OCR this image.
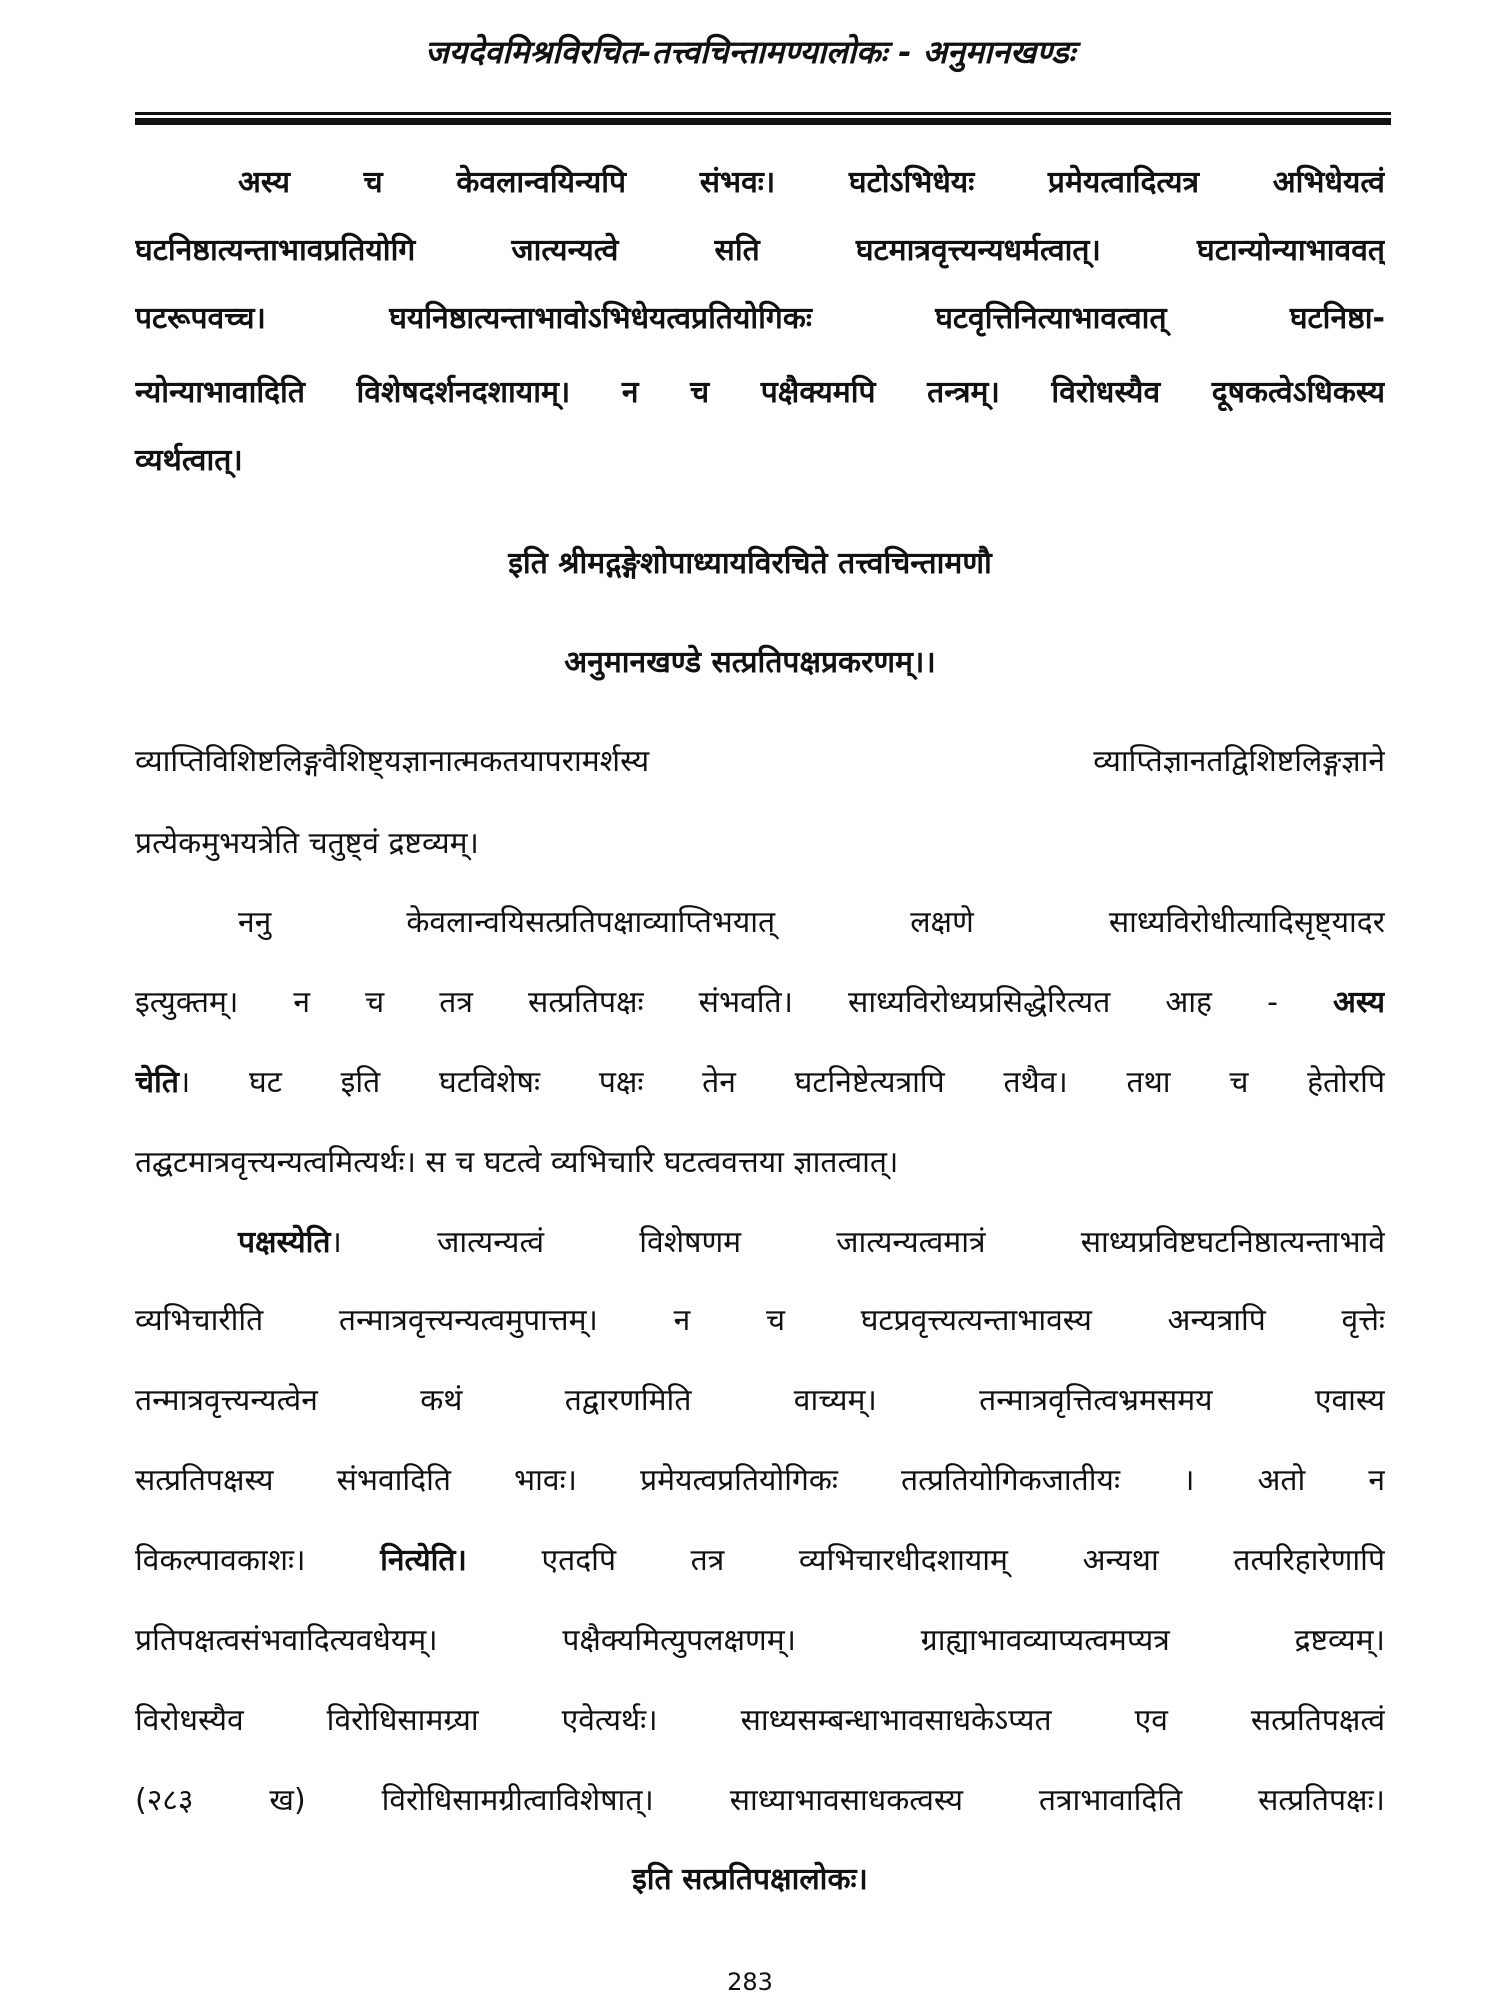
जयदेवमिश्रविरचित-तत्त्वचिन्तामण्यालोकः - अनुमानखण्डः
अस्य च केवलान्वयिन्यपि संभवः। घटोऽभिधेयः प्रमेयत्वादित्यत्र अभिधेयत्वं
घटनिष्ठात्यन्ताभावप्रतियोगि जात्यन्यत्वे सति घटमात्रवृत्त्यन्यधर्मत्वात्। घटान्योन्याभाववत्
पटरूपवच्च। घयनिष्ठात्यन्ताभावोऽभिधेयत्वप्रतियोगिकः घटवृत्तिनित्याभावत्वात् घटनिष्ठा-
न्योन्याभावादिति विशेषदर्शनदशायाम्। न च पक्षैक्यमपि तन्त्रम्। विरोधस्यैव दूषकत्वेऽधिकस्य
व्यर्थत्वात्।
इति श्रीमद्गङ्गेशोपाध्यायविरचिते तत्त्वचिन्तामणौ
अनुमानखण्डे सत्प्रतिपक्षप्रकरणम्।।
व्याप्तिविशिष्टलिङ्गवैशिष्ट्यज्ञानात्मकतयापरामर्शस्य व्याप्तिज्ञानतद्विशिष्टलिङ्गज्ञाने
प्रत्येकमुभयत्रेति चतुष्ट्वं द्रष्टव्यम्।
ननु केवलान्वयिसत्प्रतिपक्षाव्याप्तिभयात् लक्षणे साध्यविरोधीत्यादिसृष्ट्यादर
इत्युक्तम्। न च तत्र सत्प्रतिपक्षः संभवति। साध्यविरोध्यप्रसिद्धेरित्यत आह - अस्य
चेति। घट इति घटविशेषः पक्षः तेन घटनिष्टेत्यत्रापि तथैव। तथा च हेतोरपि
तद्घटमात्रवृत्त्यन्यत्वमित्यर्थः। स च घटत्वे व्यभिचारि घटत्ववत्तया ज्ञातत्वात्।
पक्षस्येति। जात्यन्यत्वं विशेषणम जात्यन्यत्वमात्रं साध्यप्रविष्टघटनिष्ठात्यन्ताभावे
व्यभिचारीति तन्मात्रवृत्त्यन्यत्वमुपात्तम्। न च घटप्रवृत्त्यत्यन्ताभावस्य अन्यत्रापि वृत्तेः
तन्मात्रवृत्त्यन्यत्वेन कथं तद्वारणमिति वाच्यम्। तन्मात्रवृत्तित्वभ्रमसमय एवास्य
सत्प्रतिपक्षस्य संभवादिति भावः। प्रमेयत्वप्रतियोगिकः तत्प्रतियोगिकजातीयः । अतो न
विकल्पावकाशः। नित्येति। एतदपि तत्र व्यभिचारधीदशायाम् अन्यथा तत्परिहारेणापि
प्रतिपक्षत्वसंभवादित्यवधेयम्। पक्षैक्यमित्युपलक्षणम्। ग्राह्याभावव्याप्यत्वमप्यत्र द्रष्टव्यम्।
विरोधस्यैव विरोधिसामग्र्या एवेत्यर्थः। साध्यसम्बन्धाभावसाधकेऽप्यत एव सत्प्रतिपक्षत्वं
(२८३ ख) विरोधिसामग्रीत्वाविशेषात्। साध्याभावसाधकत्वस्य तत्राभावादिति सत्प्रतिपक्षः।
इति सत्प्रतिपक्षालोकः।
283
